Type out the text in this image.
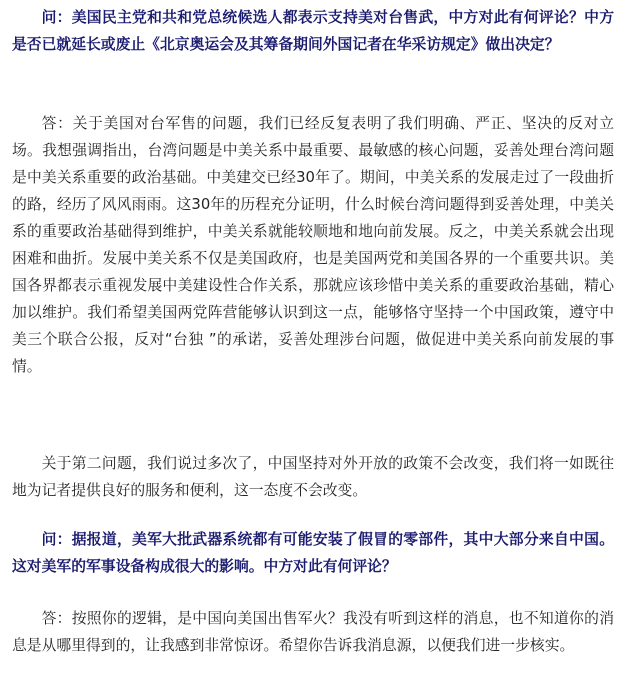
问：美国民主党和共和党总统候选人都表示支持美对台售武，中方对此有何评论？中方是否已就延长或废止《北京奥运会及其筹备期间外国记者在华采访规定》做出决定？

答：关于美国对台军售的问题，我们已经反复表明了我们明确、严正、坚决的反对立场。我想强调指出，台湾问题是中美关系中最重要、最敏感的核心问题，妥善处理台湾问题是中美关系重要的政治基础。中美建交已经30年了。期间，中美关系的发展走过了一段曲折的路，经历了风风雨雨。这30年的历程充分证明，什么时候台湾问题得到妥善处理，中美关系的重要政治基础得到维护，中美关系就能较顺地和地向前发展。反之，中美关系就会出现困难和曲折。发展中美关系不仅是美国政府，也是美国两党和美国各界的一个重要共识。美国各界都表示重视发展中美建设性合作关系，那就应该珍惜中美关系的重要政治基础，精心加以维护。我们希望美国两党阵营能够认识到这一点，能够恪守坚持一个中国政策，遵守中美三个联合公报，反对“台独 ”的承诺，妥善处理涉台问题，做促进中美关系向前发展的事情。

关于第二问题，我们说过多次了，中国坚持对外开放的政策不会改变，我们将一如既往地为记者提供良好的服务和便利，这一态度不会改变。

问：据报道，美军大批武器系统都有可能安装了假冒的零部件，其中大部分来自中国。这对美军的军事设备构成很大的影响。中方对此有何评论？

答：按照你的逻辑，是中国向美国出售军火？我没有听到这样的消息，也不知道你的消息是从哪里得到的，让我感到非常惊讶。希望你告诉我消息源，以便我们进一步核实。
